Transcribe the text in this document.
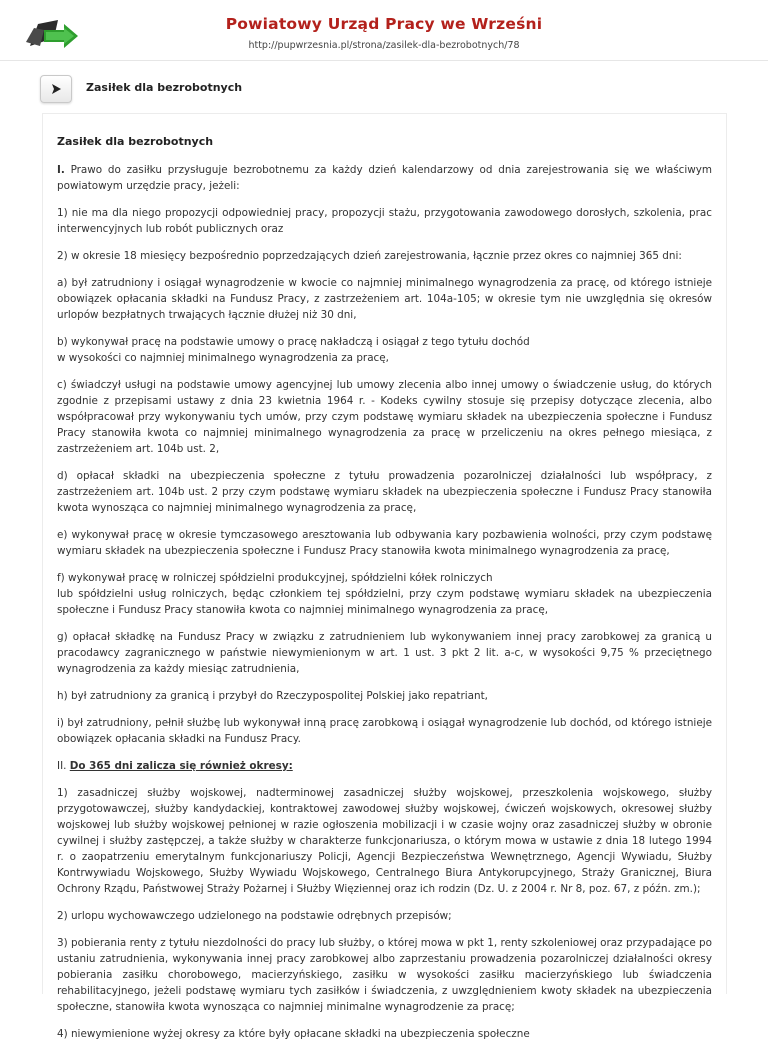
Powiatowy Urząd Pracy we Wrześni
http://pupwrzesnia.pl/strona/zasilek-dla-bezrobotnych/78
Zasiłek dla bezrobotnych
Zasiłek dla bezrobotnych

I. Prawo do zasiłku przysługuje bezrobotnemu za każdy dzień kalendarzowy od dnia zarejestrowania się we właściwym powiatowym urzędzie pracy, jeżeli:

1) nie ma dla niego propozycji odpowiedniej pracy, propozycji stażu, przygotowania zawodowego dorosłych, szkolenia, prac interwencyjnych lub robót publicznych oraz

2) w okresie 18 miesięcy bezpośrednio poprzedzających dzień zarejestrowania, łącznie przez okres co najmniej 365 dni:

a) był zatrudniony i osiągał wynagrodzenie w kwocie co najmniej minimalnego wynagrodzenia za pracę, od którego istnieje obowiązek opłacania składki na Fundusz Pracy, z zastrzeżeniem art. 104a-105; w okresie tym nie uwzględnia się okresów urlopów bezpłatnych trwających łącznie dłużej niż 30 dni,

b) wykonywał pracę na podstawie umowy o pracę nakładczą i osiągał z tego tytułu dochód
w wysokości co najmniej minimalnego wynagrodzenia za pracę,

c) świadczył usługi na podstawie umowy agencyjnej lub umowy zlecenia albo innej umowy o świadczenie usług, do których zgodnie z przepisami ustawy z dnia 23 kwietnia 1964 r. - Kodeks cywilny stosuje się przepisy dotyczące zlecenia, albo współpracował przy wykonywaniu tych umów, przy czym podstawę wymiaru składek na ubezpieczenia społeczne i Fundusz Pracy stanowiła kwota co najmniej minimalnego wynagrodzenia za pracę w przeliczeniu na okres pełnego miesiąca, z zastrzeżeniem art. 104b ust. 2,

d) opłacał składki na ubezpieczenia społeczne z tytułu prowadzenia pozarolniczej działalności lub współpracy, z zastrzeżeniem art. 104b ust. 2 przy czym podstawę wymiaru składek na ubezpieczenia społeczne i Fundusz Pracy stanowiła kwota wynosząca co najmniej minimalnego wynagrodzenia za pracę,

e) wykonywał pracę w okresie tymczasowego aresztowania lub odbywania kary pozbawienia wolności, przy czym podstawę wymiaru składek na ubezpieczenia społeczne i Fundusz Pracy stanowiła kwota minimalnego wynagrodzenia za pracę,

f) wykonywał pracę w rolniczej spółdzielni produkcyjnej, spółdzielni kółek rolniczych
lub spółdzielni usług rolniczych, będąc członkiem tej spółdzielni, przy czym podstawę wymiaru składek na ubezpieczenia społeczne i Fundusz Pracy stanowiła kwota co najmniej minimalnego wynagrodzenia za pracę,

g) opłacał składkę na Fundusz Pracy w związku z zatrudnieniem lub wykonywaniem innej pracy zarobkowej za granicą u pracodawcy zagranicznego w państwie niewymienionym w art. 1 ust. 3 pkt 2 lit. a-c, w wysokości 9,75 % przeciętnego wynagrodzenia za każdy miesiąc zatrudnienia,

h) był zatrudniony za granicą i przybył do Rzeczypospolitej Polskiej jako repatriant,

i) był zatrudniony, pełnił służbę lub wykonywał inną pracę zarobkową i osiągał wynagrodzenie lub dochód, od którego istnieje obowiązek opłacania składki na Fundusz Pracy.

II. Do 365 dni zalicza się również okresy:

1) zasadniczej służby wojskowej, nadterminowej zasadniczej służby wojskowej, przeszkolenia wojskowego, służby przygotowawczej, służby kandydackiej, kontraktowej zawodowej służby wojskowej, ćwiczeń wojskowych, okresowej służby wojskowej lub służby wojskowej pełnionej w razie ogłoszenia mobilizacji i w czasie wojny oraz zasadniczej służby w obronie cywilnej i służby zastępczej, a także służby w charakterze funkcjonariusza, o którym mowa w ustawie z dnia 18 lutego 1994 r. o zaopatrzeniu emerytalnym funkcjonariuszy Policji, Agencji Bezpieczeństwa Wewnętrznego, Agencji Wywiadu, Służby Kontrwywiadu Wojskowego, Służby Wywiadu Wojskowego, Centralnego Biura Antykorupcyjnego, Straży Granicznej, Biura Ochrony Rządu, Państwowej Straży Pożarnej i Służby Więziennej oraz ich rodzin (Dz. U. z 2004 r. Nr 8, poz. 67, z późn. zm.);

2) urlopu wychowawczego udzielonego na podstawie odrębnych przepisów;

3) pobierania renty z tytułu niezdolności do pracy lub służby, o której mowa w pkt 1, renty szkoleniowej oraz przypadające po ustaniu zatrudnienia, wykonywania innej pracy zarobkowej albo zaprzestaniu prowadzenia pozarolniczej działalności okresy pobierania zasiłku chorobowego, macierzyńskiego, zasiłku w wysokości zasiłku macierzyńskiego lub świadczenia rehabilitacyjnego, jeżeli podstawę wymiaru tych zasiłków i świadczenia, z uwzględnieniem kwoty składek na ubezpieczenia społeczne, stanowiła kwota wynosząca co najmniej minimalne wynagrodzenie za pracę;

4) niewymienione wyżej okresy za które były opłacane składki na ubezpieczenia społeczne
